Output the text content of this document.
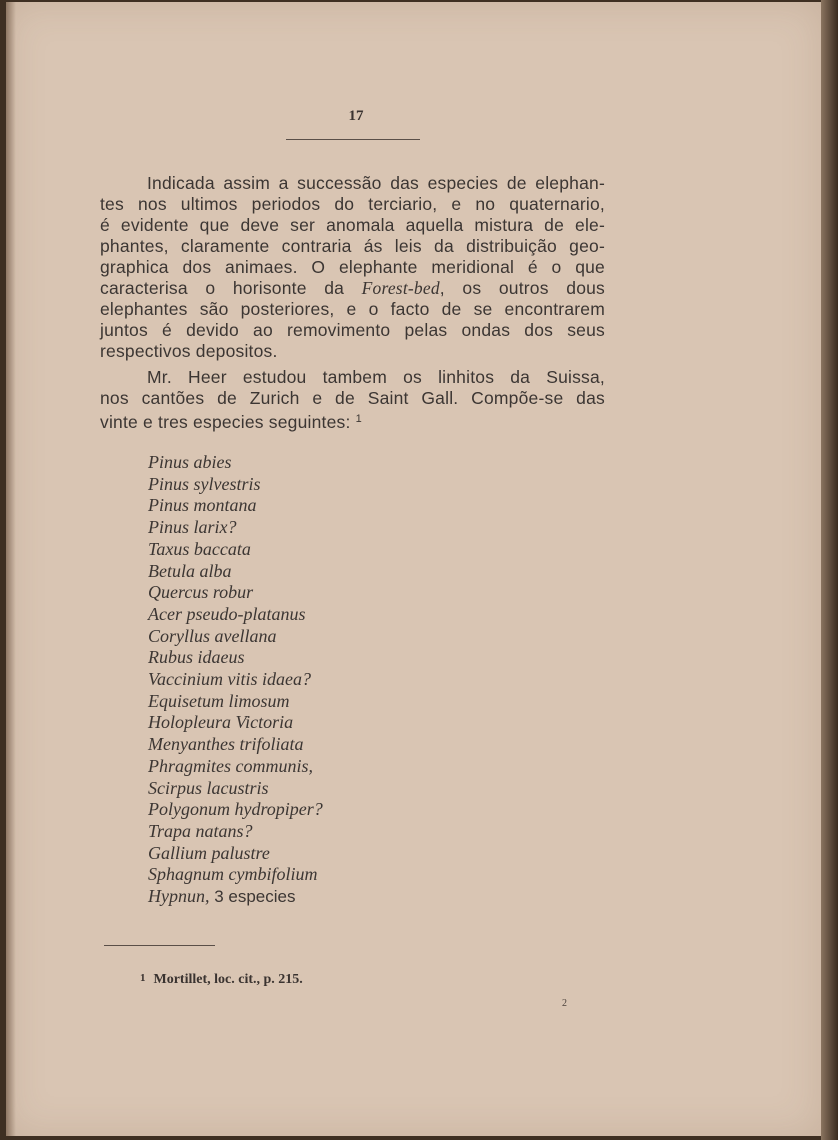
17
Indicada assim a successão das especies de elephan-
tes nos ultimos periodos do terciario, e no quaternario,
é evidente que deve ser anomala aquella mistura de ele-
phantes, claramente contraria ás leis da distribuição geo-
graphica dos animaes. O elephante meridional é o que
caracterisa o horisonte da Forest-bed, os outros dous
elephantes são posteriores, e o facto de se encontrarem
juntos é devido ao removimento pelas ondas dos seus
respectivos depositos.
Mr. Heer estudou tambem os linhitos da Suissa,
nos cantões de Zurich e de Saint Gall. Compõe-se das
vinte e tres especies seguintes: $^1$
Pinus abies
Pinus sylvestris
Pinus montana
Pinus larix?
Taxus baccata
Betula alba
Quercus robur
Acer pseudo-platanus
Coryllus avellana
Rubus idaeus
Vaccinium vitis idaea?
Equisetum limosum
Holopleura Victoria
Menyanthes trifoliata
Phragmites communis,
Scirpus lacustris
Polygonum hydropiper?
Trapa natans?
Gallium palustre
Sphagnum cymbifolium
Hypnun, 3 especies
1 Mortillet, loc. cit., p. 215.
2
